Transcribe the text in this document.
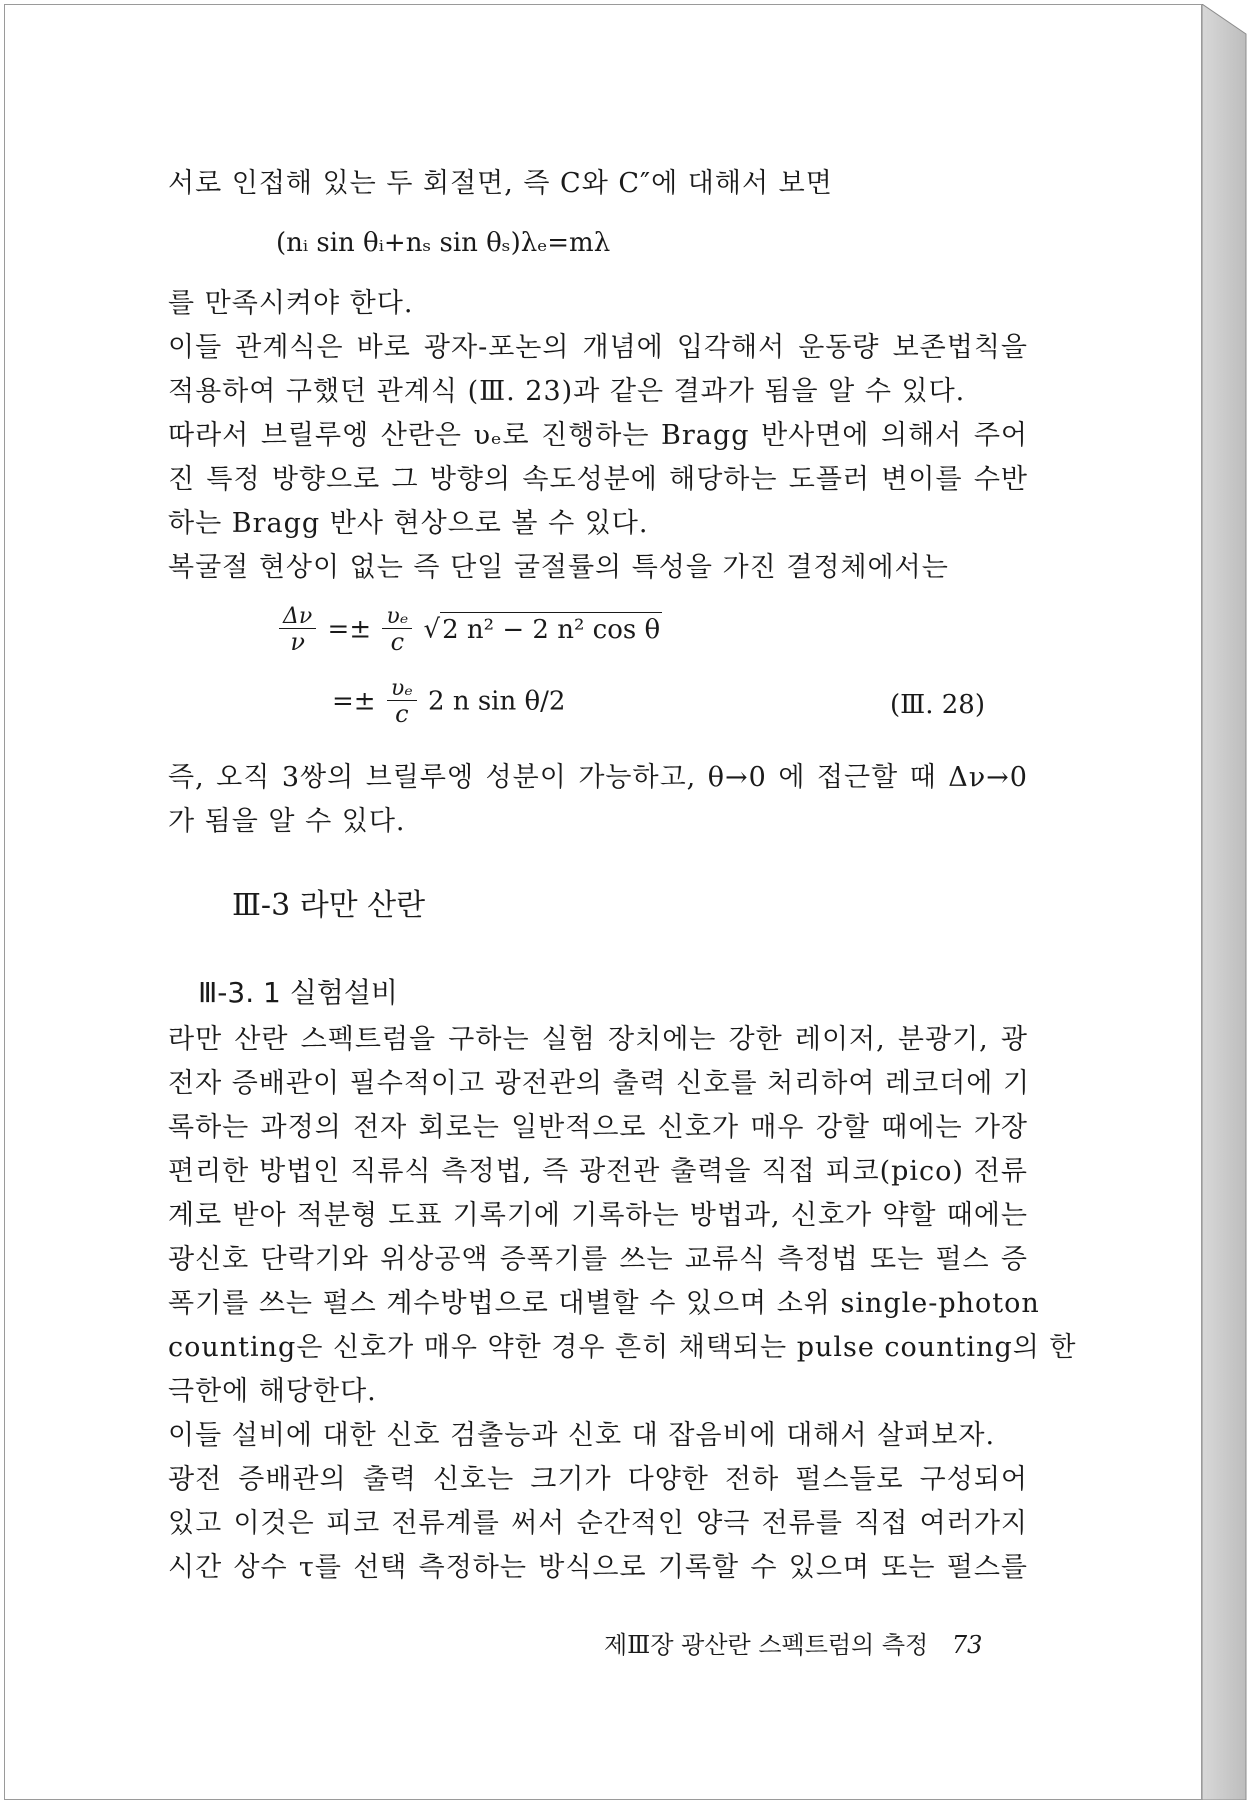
서로 인접해 있는 두 회절면, 즉 C와 C″에 대해서 보면
(nᵢ sin θᵢ+nₛ sin θₛ)λₑ=mλ
를 만족시켜야 한다.
이들 관계식은 바로 광자-포논의 개념에 입각해서 운동량 보존법칙을
적용하여 구했던 관계식 (Ⅲ. 23)과 같은 결과가 됨을 알 수 있다.
따라서 브릴루엥 산란은 υₑ로 진행하는 Bragg 반사면에 의해서 주어
진 특정 방향으로 그 방향의 속도성분에 해당하는 도플러 변이를 수반
하는 Bragg 반사 현상으로 볼 수 있다.
복굴절 현상이 없는 즉 단일 굴절률의 특성을 가진 결정체에서는
$\frac{\Delta\nu}{\nu} =\pm \frac{\text{υₑ}}{c} √2$ n² − 2 n² cos θ
=± $\frac{\text{υₑ}}{c} 2$ n sin θ/2	(Ⅲ. 28)
즉, 오직 3쌍의 브릴루엥 성분이 가능하고, θ→0 에 접근할 때 Δν→0
가 됨을 알 수 있다.
Ⅲ-3 라만 산란
Ⅲ-3. 1 실험설비
라만 산란 스펙트럼을 구하는 실험 장치에는 강한 레이저, 분광기, 광
전자 증배관이 필수적이고 광전관의 출력 신호를 처리하여 레코더에 기
록하는 과정의 전자 회로는 일반적으로 신호가 매우 강할 때에는 가장
편리한 방법인 직류식 측정법, 즉 광전관 출력을 직접 피코(pico) 전류
계로 받아 적분형 도표 기록기에 기록하는 방법과, 신호가 약할 때에는
광신호 단락기와 위상공액 증폭기를 쓰는 교류식 측정법 또는 펄스 증
폭기를 쓰는 펄스 계수방법으로 대별할 수 있으며 소위 single-photon
counting은 신호가 매우 약한 경우 흔히 채택되는 pulse counting의 한
극한에 해당한다.
이들 설비에 대한 신호 검출능과 신호 대 잡음비에 대해서 살펴보자.
광전 증배관의 출력 신호는 크기가 다양한 전하 펄스들로 구성되어
있고 이것은 피코 전류계를 써서 순간적인 양극 전류를 직접 여러가지
시간 상수 τ를 선택 측정하는 방식으로 기록할 수 있으며 또는 펄스를
제Ⅲ장 광산란 스펙트럼의 측정 73
